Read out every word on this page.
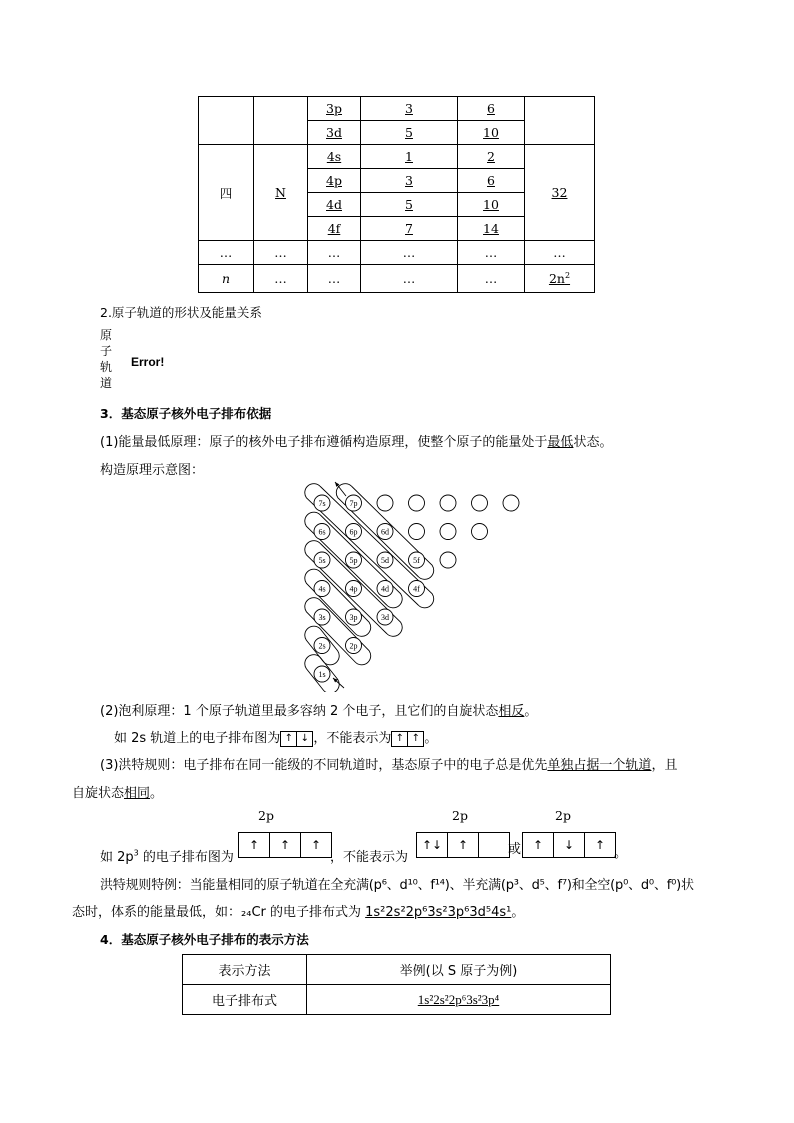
		3p	3	6	
		3d	5	10	
四	N	4s	1	2	32
		4p	3	6	
		4d	5	10	
		4f	7	14	
…	…	…	…	…	…
n	…	…	…	…	$2n^2$
2.原子轨道的形状及能量关系
原
子
轨
道
Error!
3．基态原子核外电子排布依据
(1)能量最低原理：原子的核外电子排布遵循构造原理，使整个原子的能量处于最低状态。
构造原理示意图：
1s
2s	2p
3s	3p	3d
4s	4p	4d	4f
5s	5p	5d	5f
6s	6p	6d
7s	7p
(2)泡利原理：1 个原子轨道里最多容纳 2 个电子，且它们的自旋状态相反。
如 2s 轨道上的电子排布图为 ↑ ↓ ，不能表示为 ↑ ↑ 。
(3)洪特规则：电子排布在同一能级的不同轨道时，基态原子中的电子总是优先单独占据一个轨道，且
自旋状态相同。
2p	2p	2p
如 $2p^3$ 的电子排布图为
↑	↑	↑
，不能表示为
↑↓	↑	或 ↑	↓	↑
。
洪特规则特例：当能量相同的原子轨道在全充满(p⁶、d¹⁰、f¹⁴)、半充满(p³、d⁵、f⁷)和全空(p⁰、d⁰、f⁰)状
态时，体系的能量最低，如：₂₄Cr 的电子排布式为 1s²2s²2p⁶3s²3p⁶3d⁵4s¹。
4．基态原子核外电子排布的表示方法
表示方法	举例(以 S 原子为例)
电子排布式	1s²2s²2p⁶3s²3p⁴
